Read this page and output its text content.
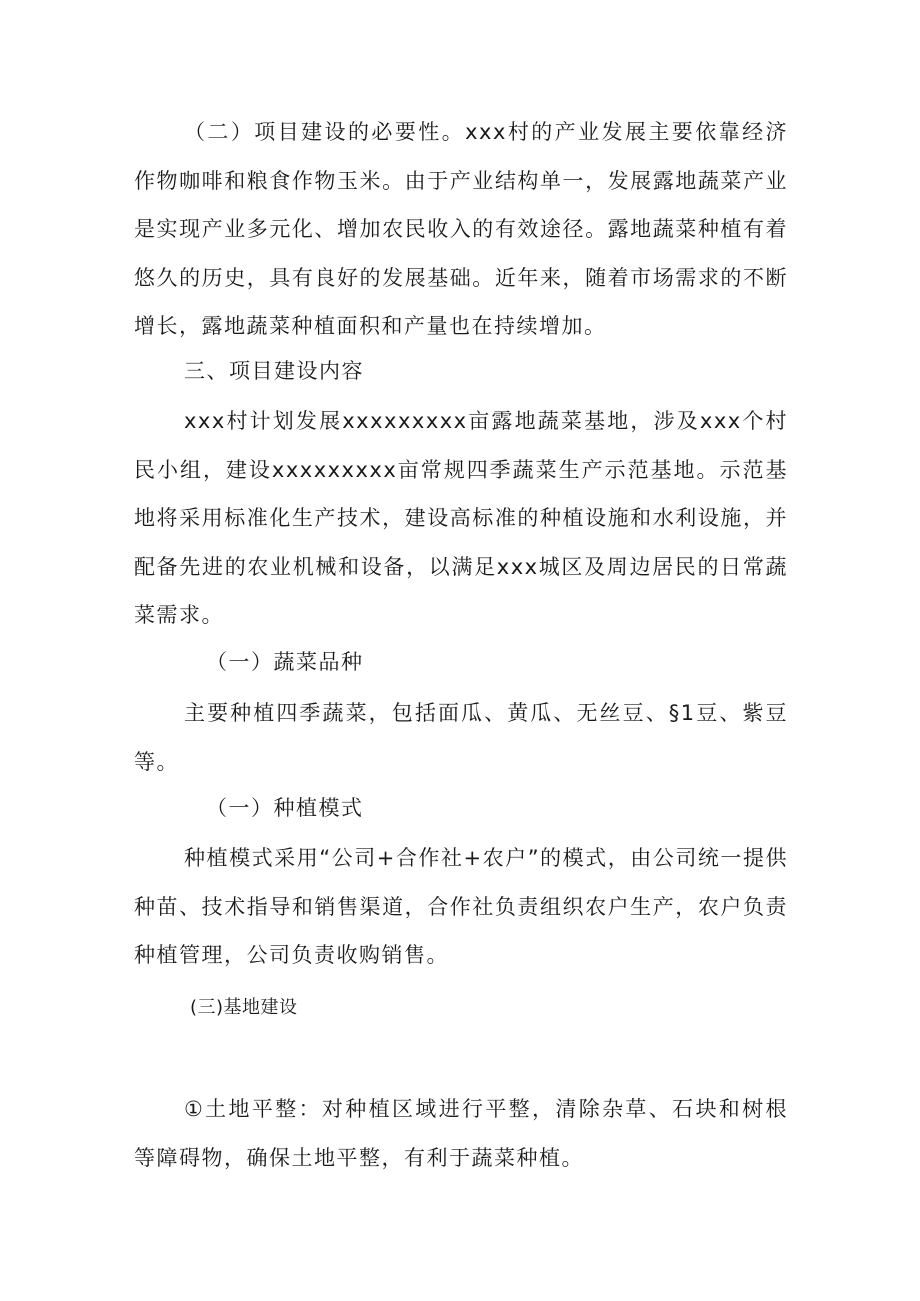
（二）项目建设的必要性。xxx村的产业发展主要依靠经济作物咖啡和粮食作物玉米。由于产业结构单一，发展露地蔬菜产业是实现产业多元化、增加农民收入的有效途径。露地蔬菜种植有着悠久的历史，具有良好的发展基础。近年来，随着市场需求的不断增长，露地蔬菜种植面积和产量也在持续增加。

三、项目建设内容

xxx村计划发展xxxxxxxxx亩露地蔬菜基地，涉及xxx个村民小组，建设xxxxxxxxx亩常规四季蔬菜生产示范基地。示范基地将采用标准化生产技术，建设高标准的种植设施和水利设施，并配备先进的农业机械和设备，以满足xxx城区及周边居民的日常蔬菜需求。

（一）蔬菜品种

主要种植四季蔬菜，包括面瓜、黄瓜、无丝豆、§1豆、紫豆等。

（一）种植模式

种植模式采用“公司+合作社+农户”的模式，由公司统一提供种苗、技术指导和销售渠道，合作社负责组织农户生产，农户负责种植管理，公司负责收购销售。

(三)基地建设

①土地平整：对种植区域进行平整，清除杂草、石块和树根等障碍物，确保土地平整，有利于蔬菜种植。
